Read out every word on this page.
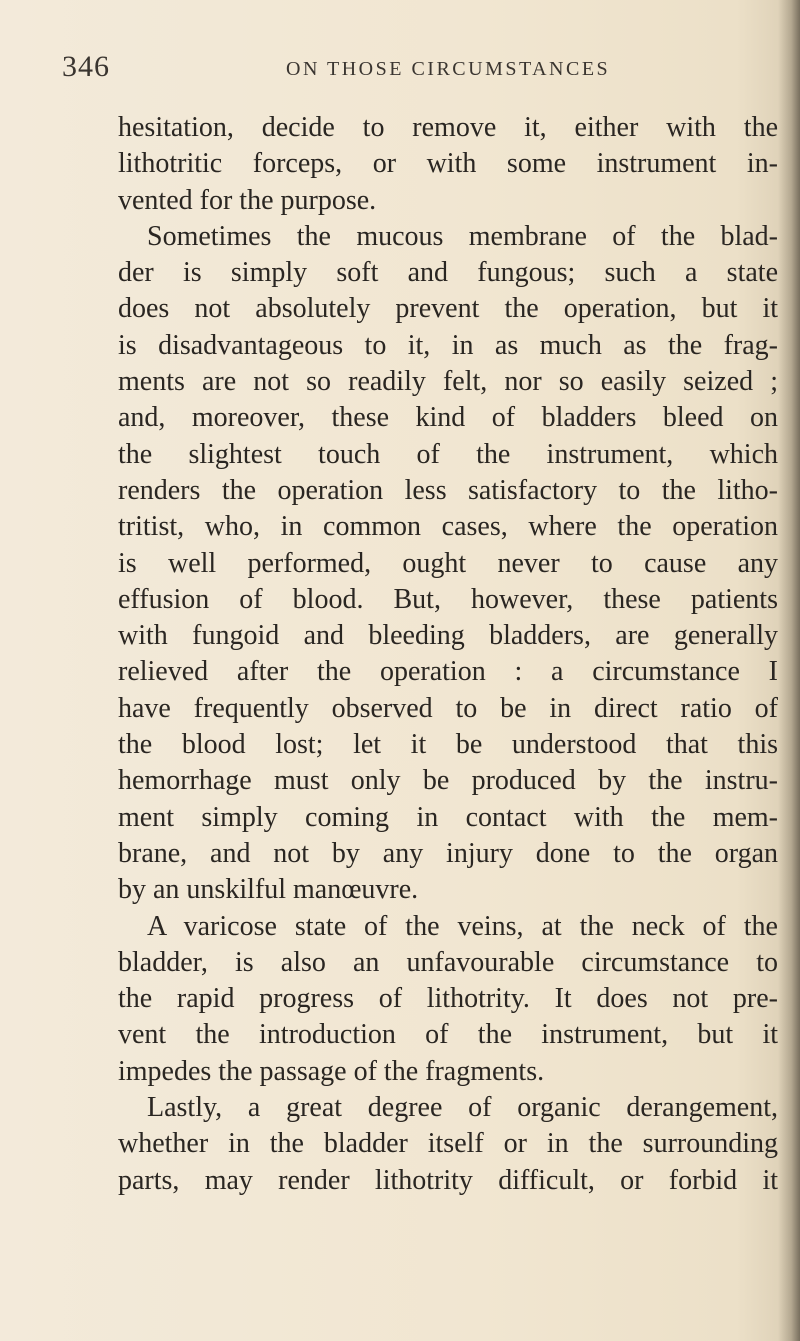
346	ON THOSE CIRCUMSTANCES
hesitation, decide to remove it, either with the
lithotritic forceps, or with some instrument in-
vented for the purpose.
Sometimes the mucous membrane of the blad-
der is simply soft and fungous; such a state
does not absolutely prevent the operation, but it
is disadvantageous to it, in as much as the frag-
ments are not so readily felt, nor so easily seized ;
and, moreover, these kind of bladders bleed on
the slightest touch of the instrument, which
renders the operation less satisfactory to the litho-
tritist, who, in common cases, where the operation
is well performed, ought never to cause any
effusion of blood. But, however, these patients
with fungoid and bleeding bladders, are generally
relieved after the operation : a circumstance I
have frequently observed to be in direct ratio of
the blood lost; let it be understood that this
hemorrhage must only be produced by the instru-
ment simply coming in contact with the mem-
brane, and not by any injury done to the organ
by an unskilful manœuvre.
A varicose state of the veins, at the neck of the
bladder, is also an unfavourable circumstance to
the rapid progress of lithotrity. It does not pre-
vent the introduction of the instrument, but it
impedes the passage of the fragments.
Lastly, a great degree of organic derangement,
whether in the bladder itself or in the surrounding
parts, may render lithotrity difficult, or forbid it
